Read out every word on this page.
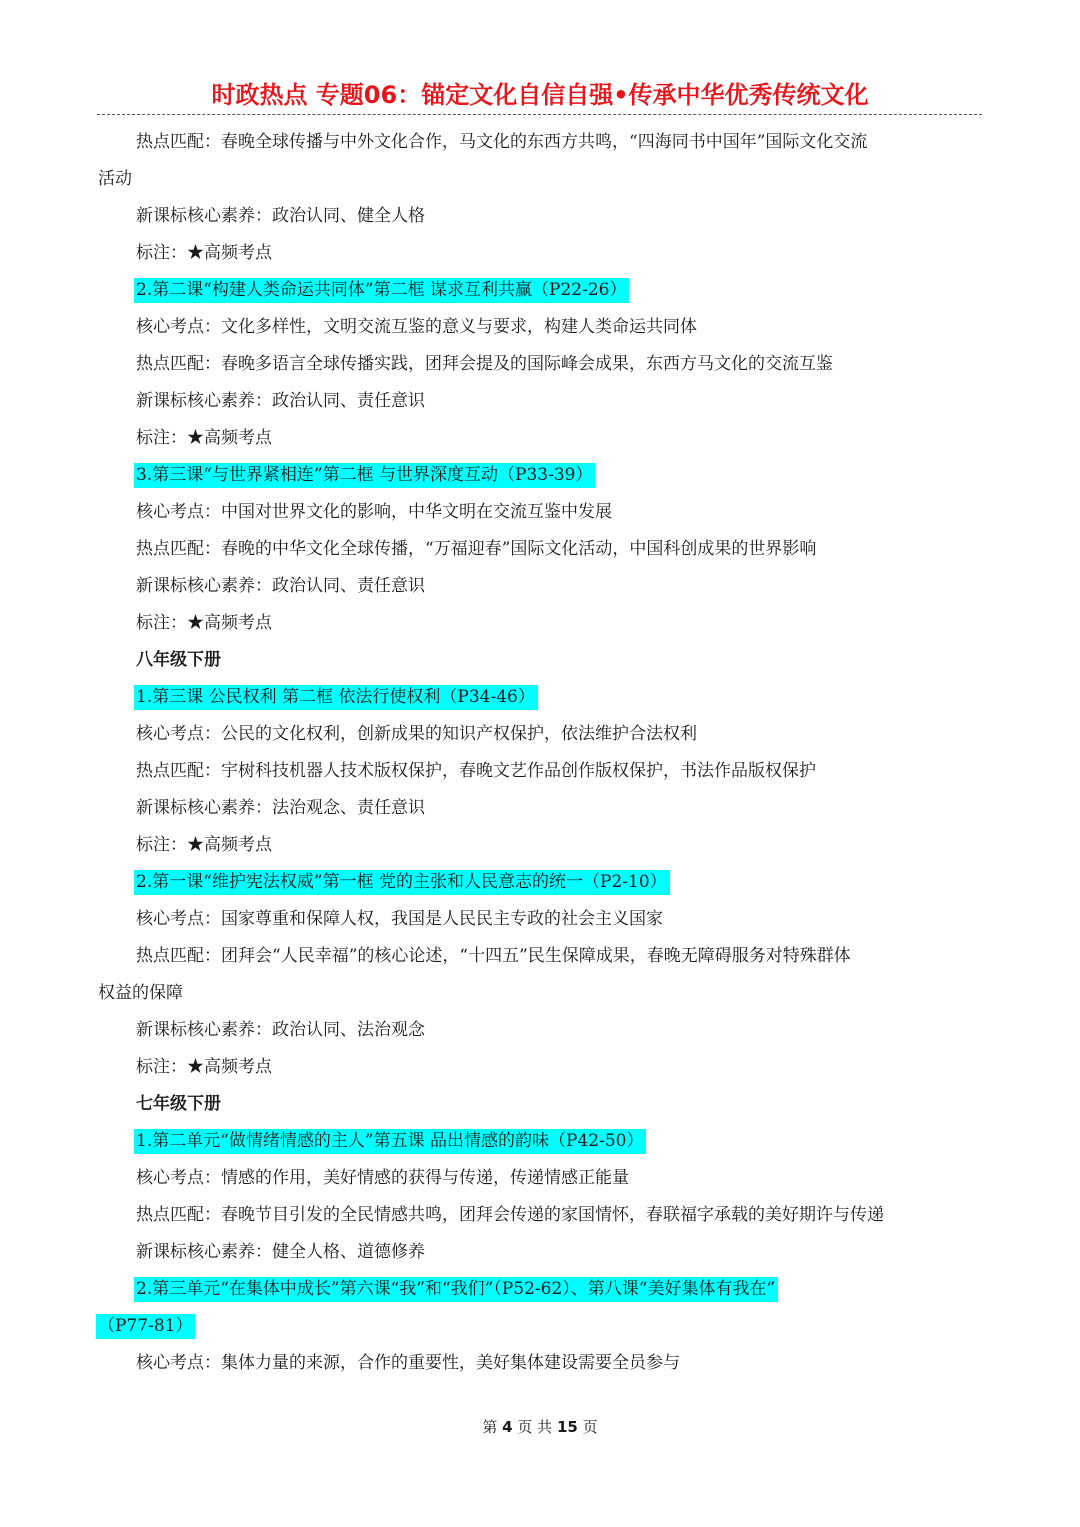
时政热点 专题06：锚定文化自信自强•传承中华优秀传统文化
热点匹配：春晚全球传播与中外文化合作，马文化的东西方共鸣，“四海同书中国年”国际文化交流
活动
新课标核心素养：政治认同、健全人格
标注：★高频考点
2.第二课“构建人类命运共同体”第二框 谋求互利共赢（P22-26）
核心考点：文化多样性，文明交流互鉴的意义与要求，构建人类命运共同体
热点匹配：春晚多语言全球传播实践，团拜会提及的国际峰会成果，东西方马文化的交流互鉴
新课标核心素养：政治认同、责任意识
标注：★高频考点
3.第三课“与世界紧相连”第二框 与世界深度互动（P33-39）
核心考点：中国对世界文化的影响，中华文明在交流互鉴中发展
热点匹配：春晚的中华文化全球传播，“万福迎春”国际文化活动，中国科创成果的世界影响
新课标核心素养：政治认同、责任意识
标注：★高频考点
八年级下册
1.第三课 公民权利 第二框 依法行使权利（P34-46）
核心考点：公民的文化权利，创新成果的知识产权保护，依法维护合法权利
热点匹配：宇树科技机器人技术版权保护，春晚文艺作品创作版权保护，书法作品版权保护
新课标核心素养：法治观念、责任意识
标注：★高频考点
2.第一课“维护宪法权威”第一框 党的主张和人民意志的统一（P2-10）
核心考点：国家尊重和保障人权，我国是人民民主专政的社会主义国家
热点匹配：团拜会“人民幸福”的核心论述，“十四五”民生保障成果，春晚无障碍服务对特殊群体
权益的保障
新课标核心素养：政治认同、法治观念
标注：★高频考点
七年级下册
1.第二单元“做情绪情感的主人”第五课 品出情感的韵味（P42-50）
核心考点：情感的作用，美好情感的获得与传递，传递情感正能量
热点匹配：春晚节目引发的全民情感共鸣，团拜会传递的家国情怀，春联福字承载的美好期许与传递
新课标核心素养：健全人格、道德修养
2.第三单元“在集体中成长”第六课“我”和“我们”（P52-62）、第八课“美好集体有我在”
（P77-81）
核心考点：集体力量的来源，合作的重要性，美好集体建设需要全员参与
第 4 页 共 15 页
